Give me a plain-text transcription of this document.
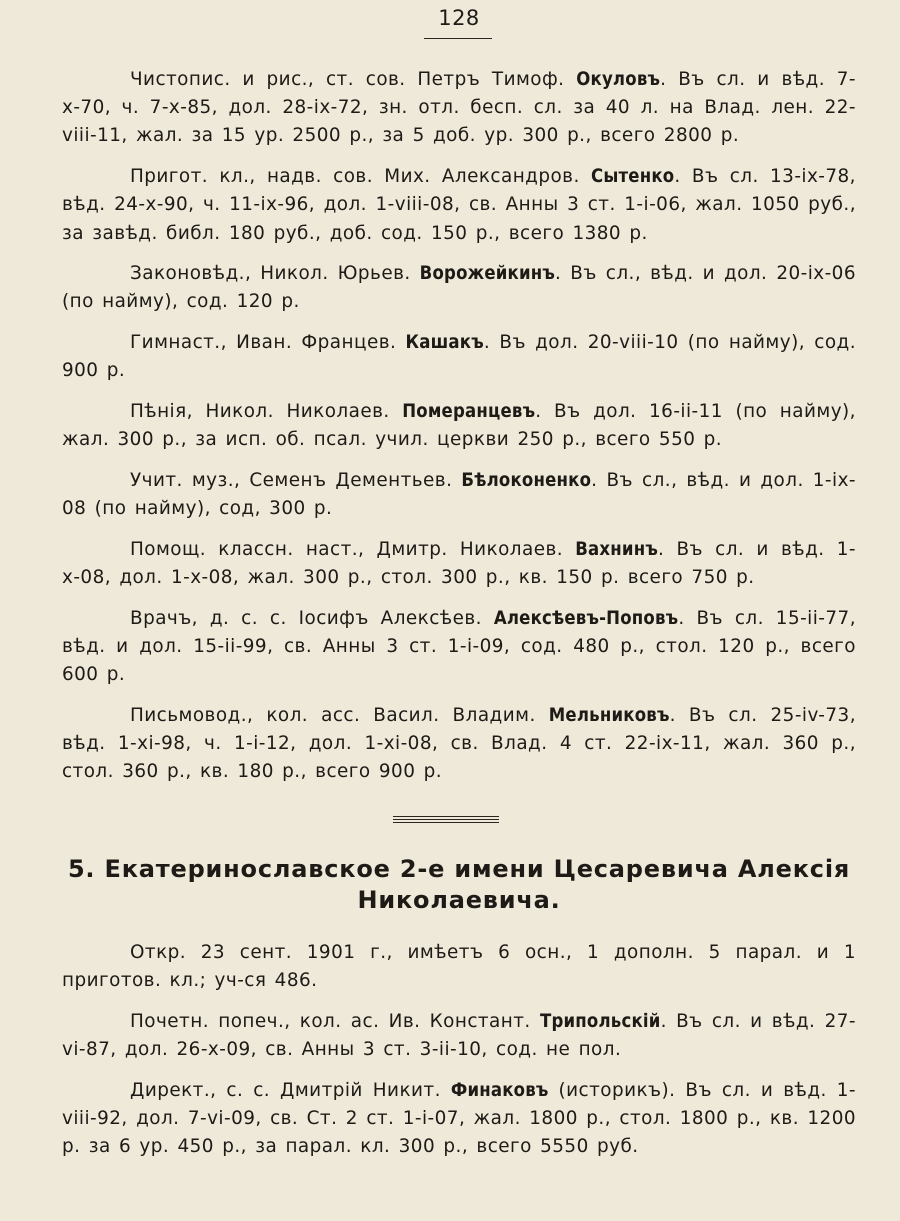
128

Чистопис. и рис., ст. сов. Петръ Тимоф. Окуловъ. Въ сл. и вѣд. 7-х-70, ч. 7-х-85, дол. 28-ix-72, зн. отл. бесп. сл. за 40 л. на Влад. лен. 22-viii-11, жал. за 15 ур. 2500 р., за 5 доб. ур. 300 р., всего 2800 р.

Пригот. кл., надв. сов. Мих. Александров. Сытенко. Въ сл. 13-ix-78, вѣд. 24-х-90, ч. 11-ix-96, дол. 1-viii-08, св. Анны 3 ст. 1-i-06, жал. 1050 руб., за завѣд. библ. 180 руб., доб. сод. 150 р., всего 1380 р.

Законовѣд., Никол. Юрьев. Ворожейкинъ. Въ сл., вѣд. и дол. 20-ix-06 (по найму), сод. 120 р.

Гимнаст., Иван. Францев. Кашакъ. Въ дол. 20-viii-10 (по найму), сод. 900 р.

Пѣнія, Никол. Николаев. Померанцевъ. Въ дол. 16-ii-11 (по найму), жал. 300 р., за исп. об. псал. учил. церкви 250 р., всего 550 р.

Учит. муз., Семенъ Дементьев. Бѣлоконенко. Въ сл., вѣд. и дол. 1-ix-08 (по найму), сод, 300 р.

Помощ. классн. наст., Дмитр. Николаев. Вахнинъ. Въ сл. и вѣд. 1-х-08, дол. 1-х-08, жал. 300 р., стол. 300 р., кв. 150 р. всего 750 р.

Врачъ, д. с. с. Іосифъ Алексѣев. Алексѣевъ-Поповъ. Въ сл. 15-ii-77, вѣд. и дол. 15-ii-99, св. Анны 3 ст. 1-i-09, сод. 480 р., стол. 120 р., всего 600 р.

Письмовод., кол. асс. Васил. Владим. Мельниковъ. Въ сл. 25-iv-73, вѣд. 1-xi-98, ч. 1-i-12, дол. 1-xi-08, св. Влад. 4 ст. 22-ix-11, жал. 360 р., стол. 360 р., кв. 180 р., всего 900 р.

5. Екатеринославское 2-е имени Цесаревича Алексія
Николаевича.

Откр. 23 сент. 1901 г., имѣетъ 6 осн., 1 дополн. 5 парал. и 1 приготов. кл.; уч-ся 486.

Почетн. попеч., кол. ас. Ив. Констант. Трипольскій. Въ сл. и вѣд. 27-vi-87, дол. 26-х-09, св. Анны 3 ст. 3-ii-10, сод. не пол.

Директ., с. с. Дмитрій Никит. Финаковъ (историкъ). Въ сл. и вѣд. 1-viii-92, дол. 7-vi-09, св. Ст. 2 ст. 1-i-07, жал. 1800 р., стол. 1800 р., кв. 1200 р. за 6 ур. 450 р., за парал. кл. 300 р., всего 5550 руб.
